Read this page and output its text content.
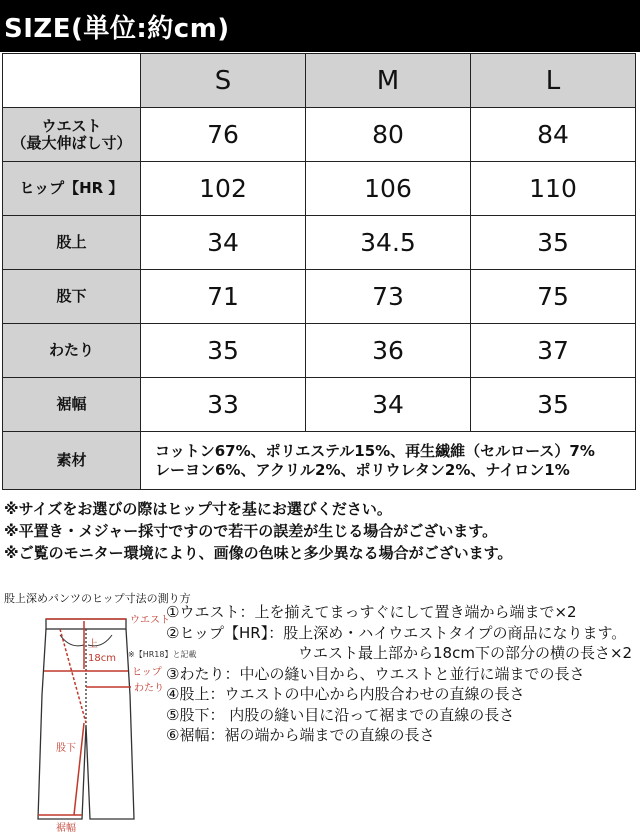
SIZE(単位:約cm)
	S	M	L

ウエスト
（最大伸ばし寸）	76	80	84
ヒップ【HR 】	102	106	110
股上	34	34.5	35
股下	71	73	75
わたり	35	36	37
裾幅	33	34	35
素材	コットン67%、ポリエステル15%、再生繊維（セルロース）7%
レーヨン6%、アクリル2%、ポリウレタン2%、ナイロン1%		
※サイズをお選びの際はヒップ寸を基にお選びください。
※平置き・メジャー採寸ですので若干の誤差が生じる場合がございます。
※ご覧のモニター環境により、画像の色味と多少異なる場合がございます。
股上深めパンツのヒップ寸法の測り方
ウエスト
上
18cm ※【HR18】と記載
ヒップ
わたり
股下
裾幅
①ウエスト：上を揃えてまっすぐにして置き端から端まで×2
②ヒップ【HR】：股上深め・ハイウエストタイプの商品になります。
ウエスト最上部から18cm下の部分の横の長さ×2
③わたり：中心の縫い目から、ウエストと並行に端までの長さ
④股上：ウエストの中心から内股合わせの直線の長さ
⑤股下： 内股の縫い目に沿って裾までの直線の長さ
⑥裾幅：裾の端から端までの直線の長さ
